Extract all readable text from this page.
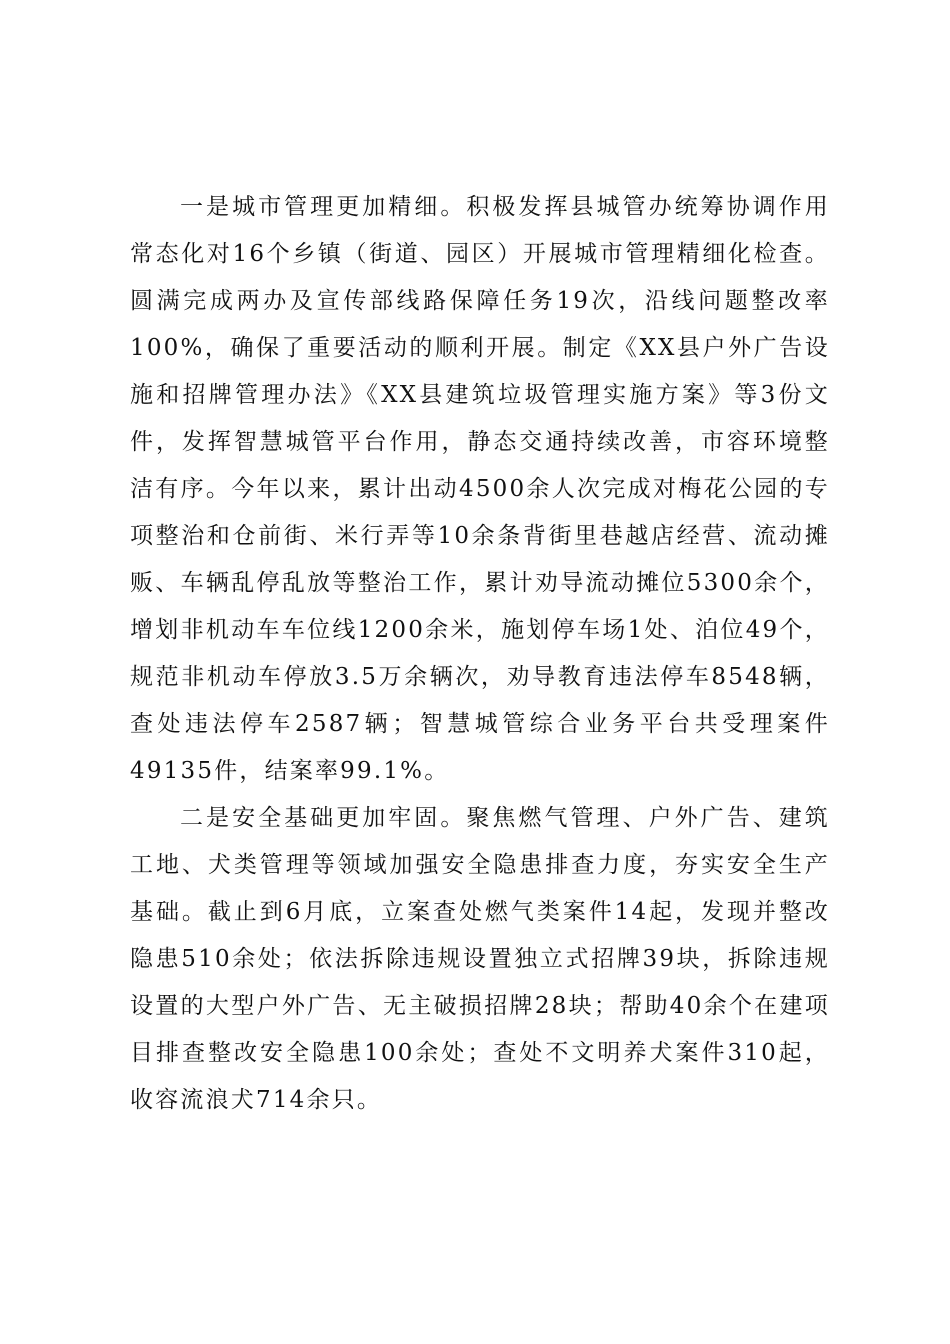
一是城市管理更加精细。积极发挥县城管办统筹协调作用常态化对16个乡镇（街道、园区）开展城市管理精细化检查。圆满完成两办及宣传部线路保障任务19次，沿线问题整改率100%，确保了重要活动的顺利开展。制定《XX县户外广告设施和招牌管理办法》《XX县建筑垃圾管理实施方案》等3份文件，发挥智慧城管平台作用，静态交通持续改善，市容环境整洁有序。今年以来，累计出动4500余人次完成对梅花公园的专项整治和仓前街、米行弄等10余条背街里巷越店经营、流动摊贩、车辆乱停乱放等整治工作，累计劝导流动摊位5300余个，增划非机动车车位线1200余米，施划停车场1处、泊位49个，规范非机动车停放3.5万余辆次，劝导教育违法停车8548辆，查处违法停车2587辆；智慧城管综合业务平台共受理案件49135件，结案率99.1%。

二是安全基础更加牢固。聚焦燃气管理、户外广告、建筑工地、犬类管理等领域加强安全隐患排查力度，夯实安全生产基础。截止到6月底，立案查处燃气类案件14起，发现并整改隐患510余处；依法拆除违规设置独立式招牌39块，拆除违规设置的大型户外广告、无主破损招牌28块；帮助40余个在建项目排查整改安全隐患100余处；查处不文明养犬案件310起，收容流浪犬714余只。
